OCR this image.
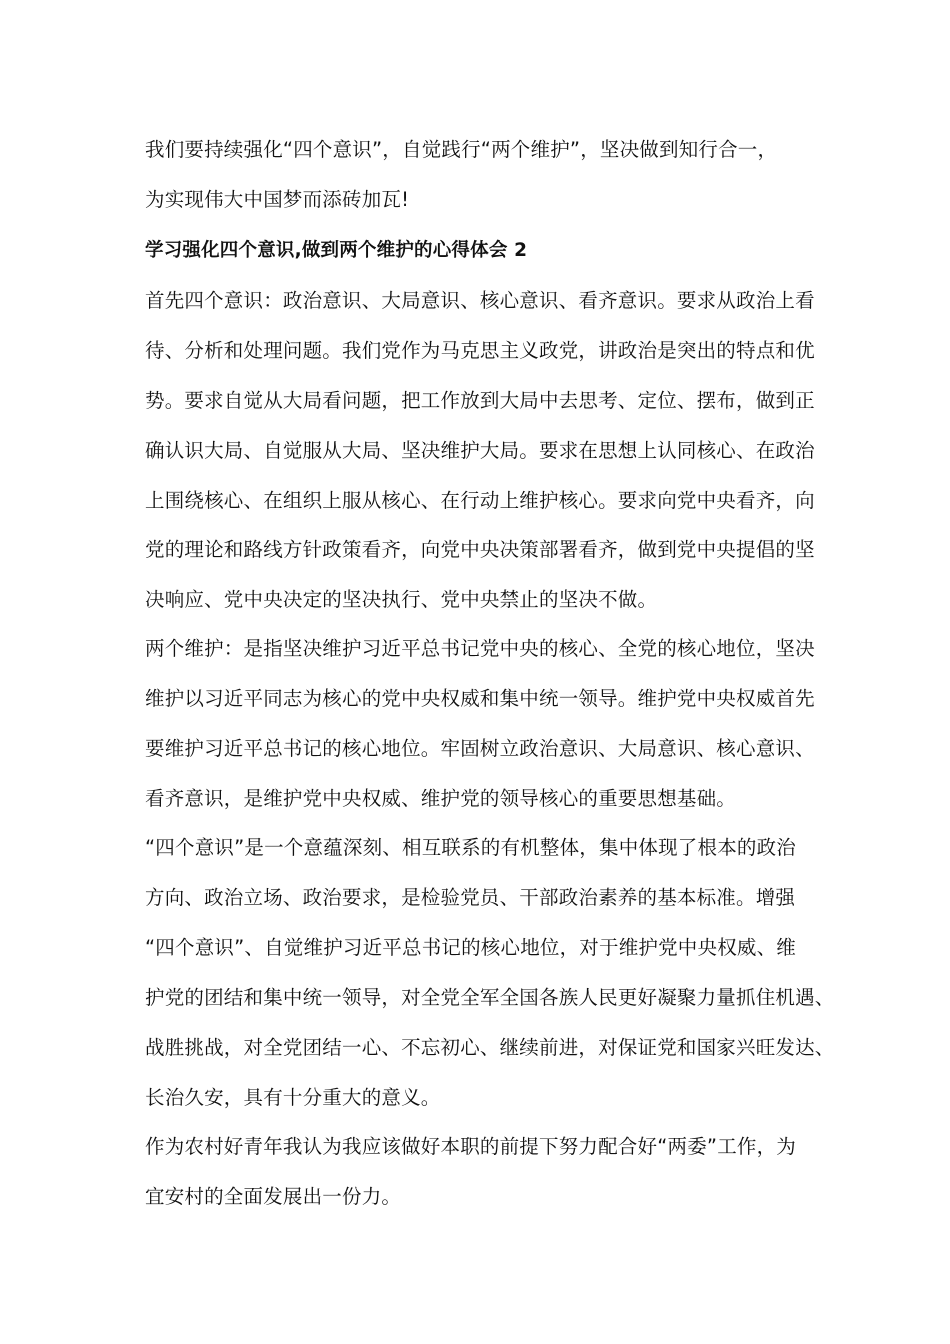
我们要持续强化“四个意识”，自觉践行“两个维护”，坚决做到知行合一，
为实现伟大中国梦而添砖加瓦!
学习强化四个意识,做到两个维护的心得体会 2
首先四个意识：政治意识、大局意识、核心意识、看齐意识。要求从政治上看
待、分析和处理问题。我们党作为马克思主义政党，讲政治是突出的特点和优
势。要求自觉从大局看问题，把工作放到大局中去思考、定位、摆布，做到正
确认识大局、自觉服从大局、坚决维护大局。要求在思想上认同核心、在政治
上围绕核心、在组织上服从核心、在行动上维护核心。要求向党中央看齐，向
党的理论和路线方针政策看齐，向党中央决策部署看齐，做到党中央提倡的坚
决响应、党中央决定的坚决执行、党中央禁止的坚决不做。
两个维护：是指坚决维护习近平总书记党中央的核心、全党的核心地位，坚决
维护以习近平同志为核心的党中央权威和集中统一领导。维护党中央权威首先
要维护习近平总书记的核心地位。牢固树立政治意识、大局意识、核心意识、
看齐意识，是维护党中央权威、维护党的领导核心的重要思想基础。
“四个意识”是一个意蕴深刻、相互联系的有机整体，集中体现了根本的政治
方向、政治立场、政治要求，是检验党员、干部政治素养的基本标准。增强
“四个意识”、自觉维护习近平总书记的核心地位，对于维护党中央权威、维
护党的团结和集中统一领导，对全党全军全国各族人民更好凝聚力量抓住机遇、
战胜挑战，对全党团结一心、不忘初心、继续前进，对保证党和国家兴旺发达、
长治久安，具有十分重大的意义。
作为农村好青年我认为我应该做好本职的前提下努力配合好“两委”工作，为
宜安村的全面发展出一份力。
